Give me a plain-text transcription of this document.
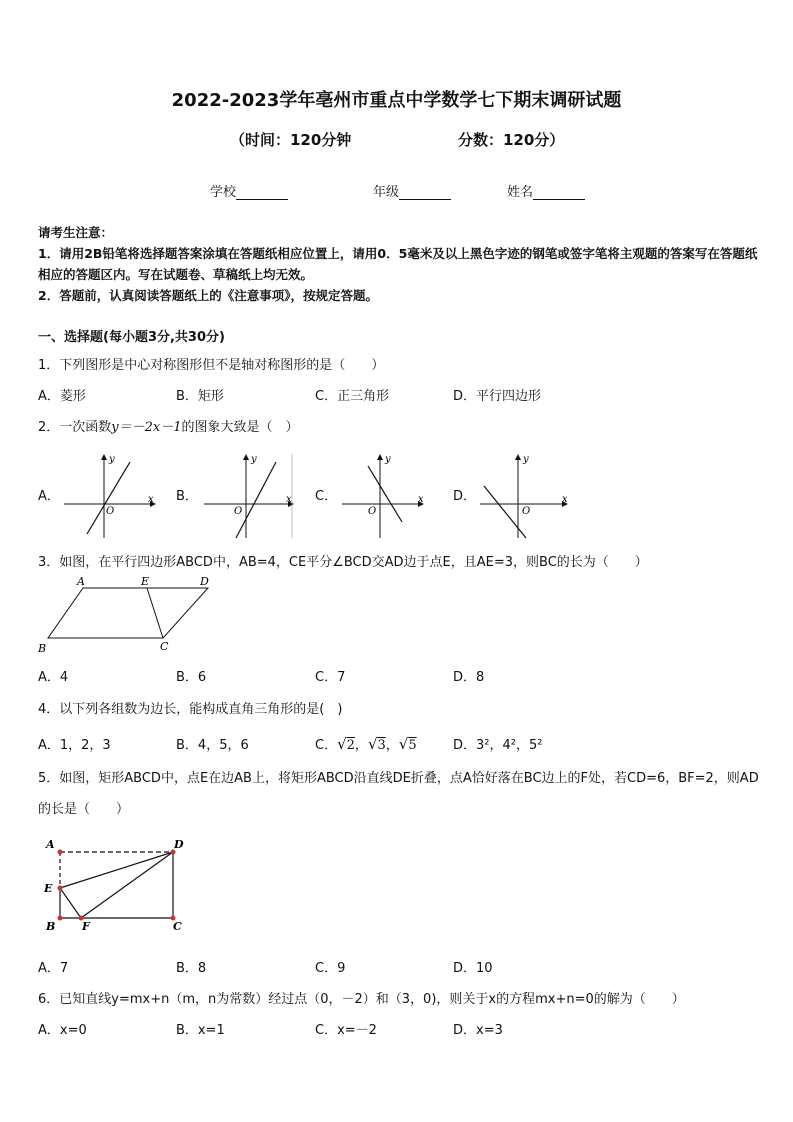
2022-2023学年亳州市重点中学数学七下期末调研试题
（时间：120分钟	分数：120分）
学校	年级	姓名
请考生注意：
1．请用2B铅笔将选择题答案涂填在答题纸相应位置上，请用0．5毫米及以上黑色字迹的钢笔或签字笔将主观题的答案写在答题纸相应的答题区内。写在试题卷、草稿纸上均无效。
2．答题前，认真阅读答题纸上的《注意事项》，按规定答题。
一、选择题(每小题3分,共30分)
1．下列图形是中心对称图形但不是轴对称图形的是（　　）
A．菱形	B．矩形	C．正三角形	D．平行四边形
2．一次函数y＝－2x－1的图象大致是（　）
A．	B．	C．	D．
x
y
O
x
y
O
x
y
O
x
y
O
3．如图，在平行四边形ABCD中，AB=4，CE平分∠BCD交AD边于点E，且AE=3，则BC的长为（　　）
A	E	D
B	C
A．4	B．6	C．7	D．8
4．以下列各组数为边长，能构成直角三角形的是(　)
A．1，2，3	B．4，5，6	C．√2，√3，√5	D．3²，4²，5²
5．如图，矩形ABCD中，点E在边AB上，将矩形ABCD沿直线DE折叠，点A恰好落在BC边上的F处，若CD=6，BF=2，则AD的长是（　　）
A	D
E
B F	C
A．7	B．8	C．9	D．10
6．已知直线y=mx+n（m，n为常数）经过点（0，－2）和（3，0)，则关于x的方程mx+n=0的解为（　　）
A．x=0	B．x=1	C．x=－2	D．x=3
